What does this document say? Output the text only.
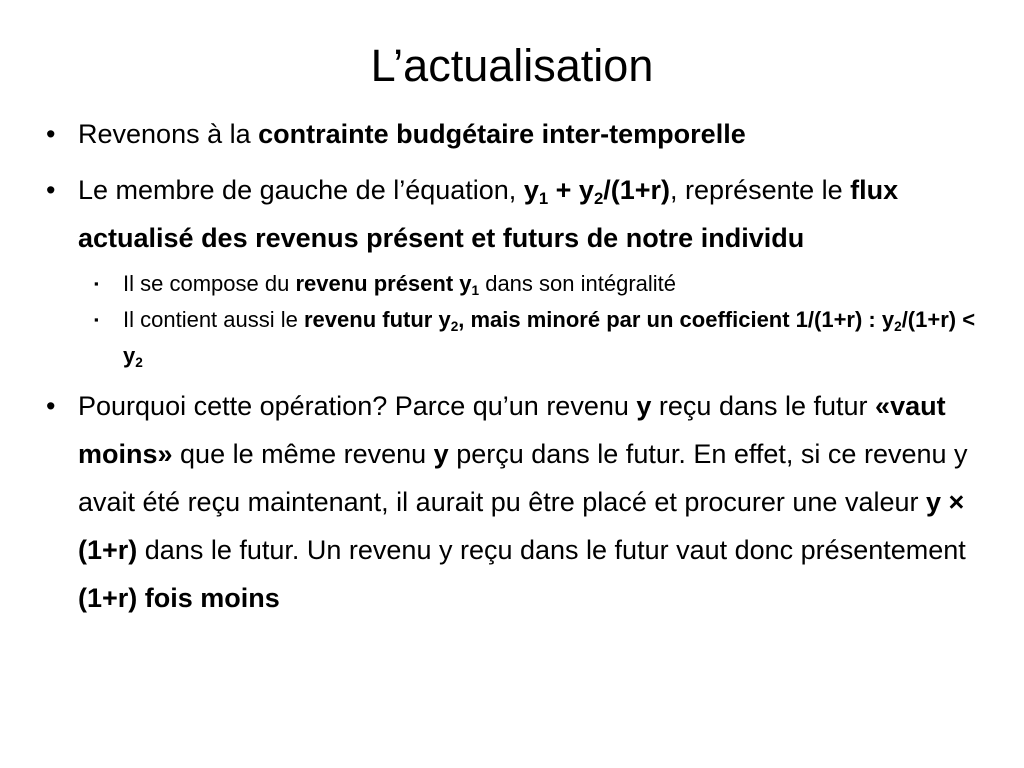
L’actualisation

• Revenons à la contrainte budgétaire inter-temporelle

• Le membre de gauche de l’équation, $y_1 + y_2/(1+r)$, représente le flux actualisé des revenus présent et futurs de notre individu

▪ Il se compose du revenu présent $y_1$ dans son intégralité

▪ Il contient aussi le revenu futur $y_2$, mais minoré par un coefficient 1/(1+r) : $y_2/(1+r) < y_2$

• Pourquoi cette opération? Parce qu’un revenu y reçu dans le futur «vaut moins» que le même revenu y perçu dans le futur. En effet, si ce revenu y avait été reçu maintenant, il aurait pu être placé et procurer une valeur y × (1+r) dans le futur. Un revenu y reçu dans le futur vaut donc présentement (1+r) fois moins
